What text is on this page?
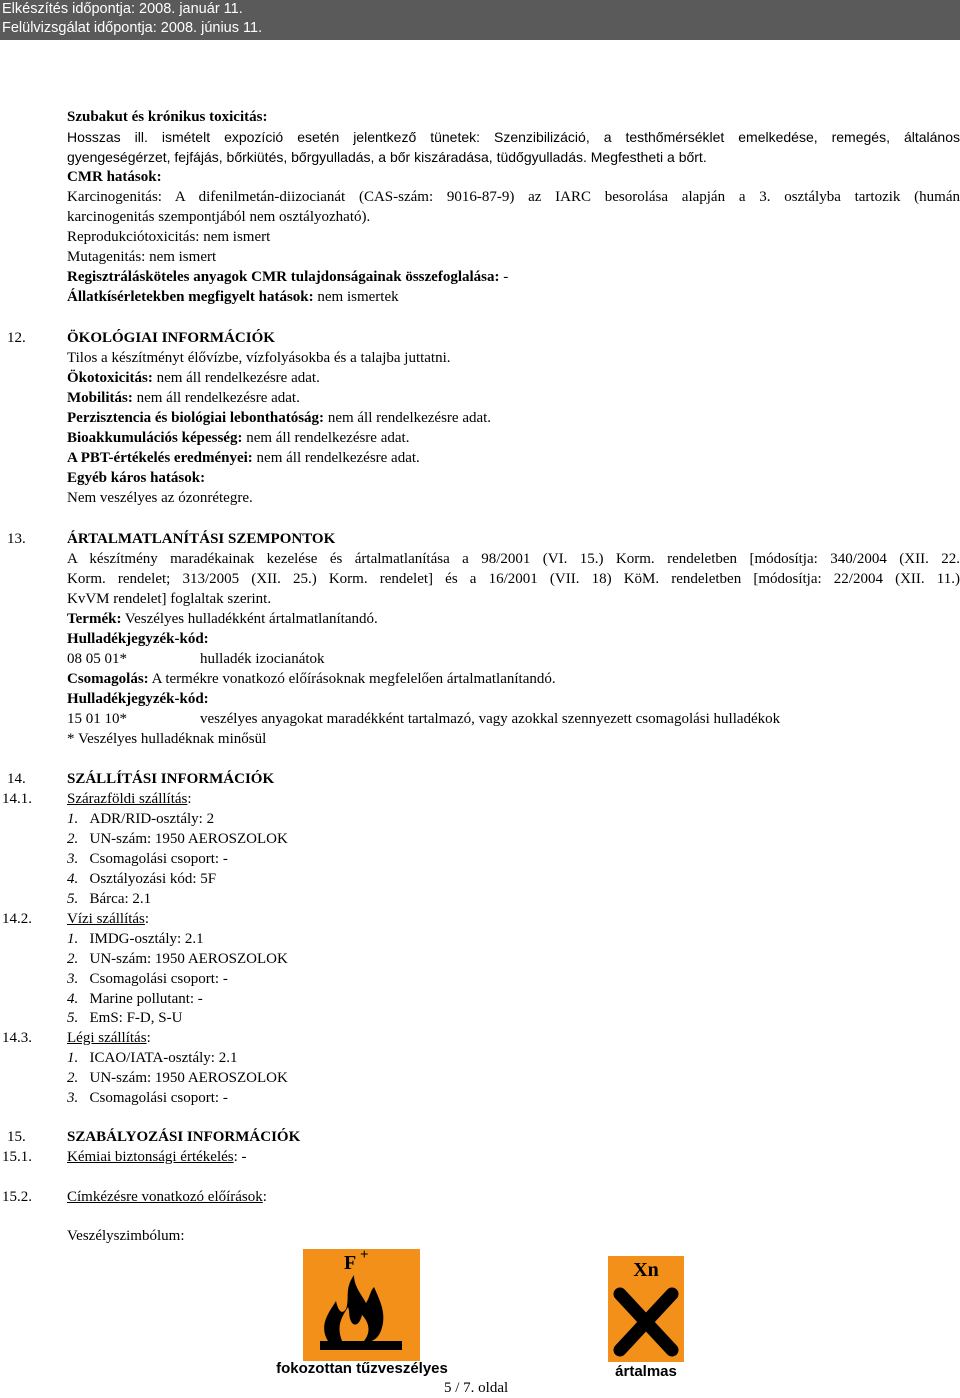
Elkészítés időpontja: 2008. január 11.
Felülvizsgálat időpontja: 2008. június 11.
Szubakut és krónikus toxicitás:
Hosszas ill. ismételt expozíció esetén jelentkező tünetek: Szenzibilizáció, a testhőmérséklet emelkedése, remegés, általános
gyengeségérzet, fejfájás, bőrkiütés, bőrgyulladás, a bőr kiszáradása, tüdőgyulladás. Megfestheti a bőrt.
CMR hatások:
Karcinogenitás: A difenilmetán-diizocianát (CAS-szám: 9016-87-9) az IARC besorolása alapján a 3. osztályba tartozik (humán
karcinogenitás szempontjából nem osztályozható).
Reprodukciótoxicitás: nem ismert
Mutagenitás: nem ismert
Regisztrálásköteles anyagok CMR tulajdonságainak összefoglalása: -
Állatkísérletekben megfigyelt hatások: nem ismertek
12.	ÖKOLÓGIAI INFORMÁCIÓK
Tilos a készítményt élővízbe, vízfolyásokba és a talajba juttatni.
Ökotoxicitás: nem áll rendelkezésre adat.
Mobilitás: nem áll rendelkezésre adat.
Perzisztencia és biológiai lebonthatóság: nem áll rendelkezésre adat.
Bioakkumulációs képesség: nem áll rendelkezésre adat.
A PBT-értékelés eredményei: nem áll rendelkezésre adat.
Egyéb káros hatások:
Nem veszélyes az ózonrétegre.
13.	ÁRTALMATLANÍTÁSI SZEMPONTOK
A készítmény maradékainak kezelése és ártalmatlanítása a 98/2001 (VI. 15.) Korm. rendeletben [módosítja: 340/2004 (XII. 22.
Korm. rendelet; 313/2005 (XII. 25.) Korm. rendelet] és a 16/2001 (VII. 18) KöM. rendeletben [módosítja: 22/2004 (XII. 11.)
KvVM rendelet] foglaltak szerint.
Termék: Veszélyes hulladékként ártalmatlanítandó.
Hulladékjegyzék-kód:
08 05 01*	hulladék izocianátok
Csomagolás: A termékre vonatkozó előírásoknak megfelelően ártalmatlanítandó.
Hulladékjegyzék-kód:
15 01 10*	veszélyes anyagokat maradékként tartalmazó, vagy azokkal szennyezett csomagolási hulladékok
* Veszélyes hulladéknak minősül
14.	SZÁLLÍTÁSI INFORMÁCIÓK
14.1. Szárazföldi szállítás:
1. ADR/RID-osztály: 2
2. UN-szám: 1950 AEROSZOLOK
3. Csomagolási csoport: -
4. Osztályozási kód: 5F
5. Bárca: 2.1
14.2. Vízi szállítás:
1. IMDG-osztály: 2.1
2. UN-szám: 1950 AEROSZOLOK
3. Csomagolási csoport: -
4. Marine pollutant: -
5. EmS: F-D, S-U
14.3. Légi szállítás:
1. ICAO/IATA-osztály: 2.1
2. UN-szám: 1950 AEROSZOLOK
3. Csomagolási csoport: -
15.	SZABÁLYOZÁSI INFORMÁCIÓK
15.1. Kémiai biztonsági értékelés: -
15.2. Címkézésre vonatkozó előírások:
Veszélyszimbólum:
F +
fokozottan tűzveszélyes
Xn
ártalmas
5 / 7. oldal
